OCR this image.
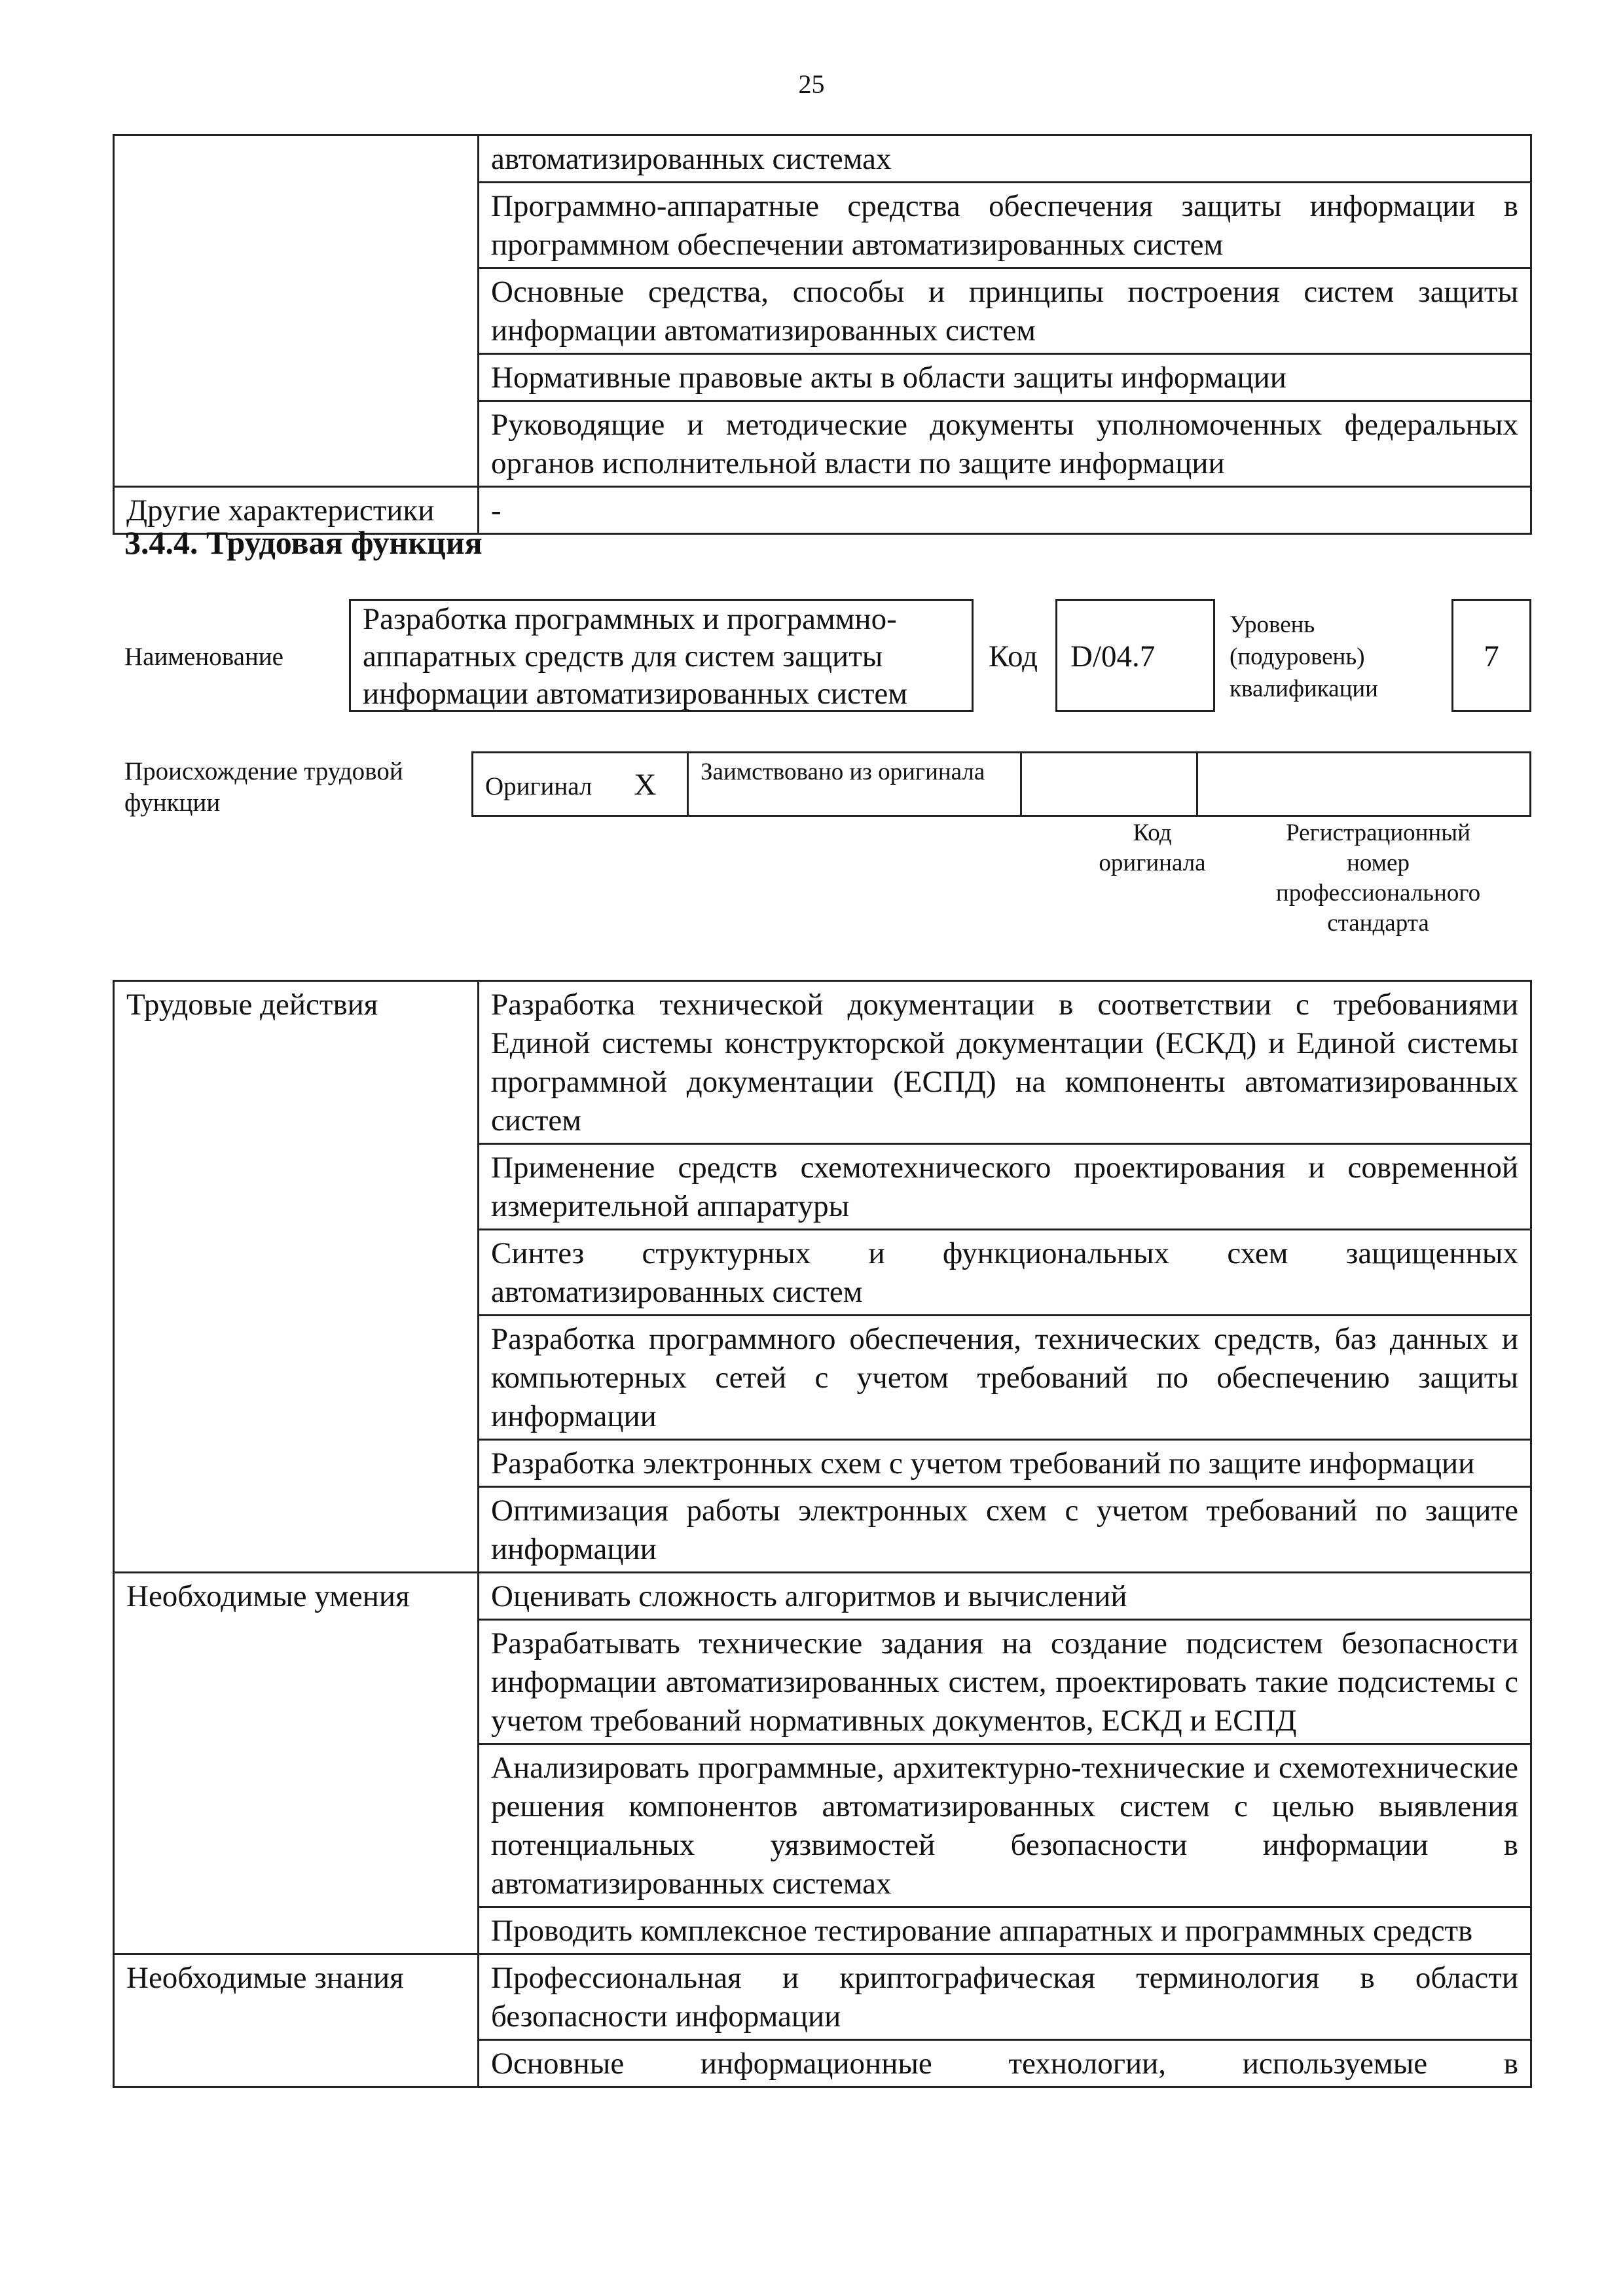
25
	автоматизированных системах
	Программно-аппаратные средства обеспечения защиты информации в программном обеспечении автоматизированных систем
	Основные средства, способы и принципы построения систем защиты информации автоматизированных систем
	Нормативные правовые акты в области защиты информации
	Руководящие и методические документы уполномоченных федеральных органов исполнительной власти по защите информации
Другие характеристики	-
3.4.4. Трудовая функция
Наименование
Разработка программных и программно-аппаратных средств для систем защиты информации автоматизированных систем
Код	D/04.7
Уровень (подуровень) квалификации
7
Происхождение трудовой функции
Оригинал X	Заимствовано из оригинала		
Код оригинала
Регистрационный номер профессионального стандарта
Трудовые действия	Разработка технической документации в соответствии с требованиями Единой системы конструкторской документации (ЕСКД) и Единой системы программной документации (ЕСПД) на компоненты автоматизированных систем
	Применение средств схемотехнического проектирования и современной измерительной аппаратуры
	Синтез структурных и функциональных схем защищенных автоматизированных систем
	Разработка программного обеспечения, технических средств, баз данных и компьютерных сетей с учетом требований по обеспечению защиты информации
	Разработка электронных схем с учетом требований по защите информации
	Оптимизация работы электронных схем с учетом требований по защите информации
Необходимые умения	Оценивать сложность алгоритмов и вычислений
	Разрабатывать технические задания на создание подсистем безопасности информации автоматизированных систем, проектировать такие подсистемы с учетом требований нормативных документов, ЕСКД и ЕСПД
	Анализировать программные, архитектурно-технические и схемотехнические решения компонентов автоматизированных систем с целью выявления потенциальных уязвимостей безопасности информации в автоматизированных системах
	Проводить комплексное тестирование аппаратных и программных средств
Необходимые знания	Профессиональная и криптографическая терминология в области безопасности информации
	Основные информационные технологии, используемые в
